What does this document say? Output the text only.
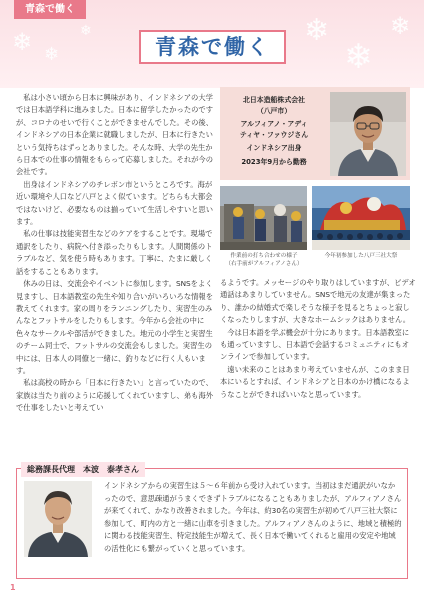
青森で働く
❄ ❄
❄	❄
❄
❄
青森で働く

私は小さい頃から日本に興味があり、インドネシアの大学では日本語学科に進みました。日本に留学したかったのですが、コロナのせいで行くことができませんでした。その後、インドネシアの日本企業に就職しましたが、日本に行きたいという気持ちはずっとありました。そんな時、大学の先生から日本での仕事の情報をもらって応募しました。それが今の会社です。

出身はインドネシアのチレボン市というところです。海が近い環境や人口など八戸とよく似ています。どちらも大都会ではないけど、必要なものは揃っていて生活しやすいと思います。

私の仕事は技能実習生などのケアをすることです。現場で通訳をしたり、病院へ付き添ったりもします。人間関係のトラブルなど、気を使う時もあります。丁寧に、たまに厳しく話をすることもあります。

休みの日は、交流会やイベントに参加します。SNSをよく見ますし、日本語教室の先生や知り合いがいろいろな情報を教えてくれます。家の周りをランニングしたり、実習生のみんなとフットサルをしたりもします。今年から会社の中に色々なサークルや部活ができました。地元の小学生と実習生のチーム同士で、フットサルの交流会もしました。実習生の中には、日本人の同僚と一緒に、釣りなどに行く人もいます。

私は高校の時から「日本に行きたい」と言っていたので、家族は当たり前のように応援してくれていますし、弟も海外で仕事をしたいと考えてい

北日本造船株式会社
（八戸市）
アルフィアノ・アディ
ティヤ・ファウジさん
インドネシア出身
2023年9月から勤務
作業前の打ち合わせの様子
（右手前がアルフィアノさん）
今年初参加した八戸三社大祭

るようです。メッセージのやり取りはしていますが、ビデオ通話はあまりしていません。SNSで地元の友達が集まったり、誰かの結婚式で楽しそうな様子を見るとちょっと寂しくなったりしますが、大きなホームシックはありません。

今は日本語を学ぶ機会が十分にあります。日本語教室にも通っていますし、日本語で会話するコミュニティにもオンラインで参加しています。

遠い未来のことはあまり考えていませんが、このまま日本にいるとすれば、インドネシアと日本のかけ橋になるようなことができればいいなと思っています。

総務課長代理　本波　泰孝さん
インドネシアからの実習生は５～６年前から受け入れています。当初はまだ通訳がいなかったので、意思疎通がうまくできずトラブルになることもありましたが、アルフィアノさんが来てくれて、かなり改善されました。今年は、約30名の実習生が初めて八戸三社大祭に参加して、町内の方と一緒に山車を引きました。アルフィアノさんのように、地域と積極的に関わる技能実習生、特定技能生が増えて、長く日本で働いてくれると雇用の安定や地域の活性化にも繋がっていくと思っています。
1
